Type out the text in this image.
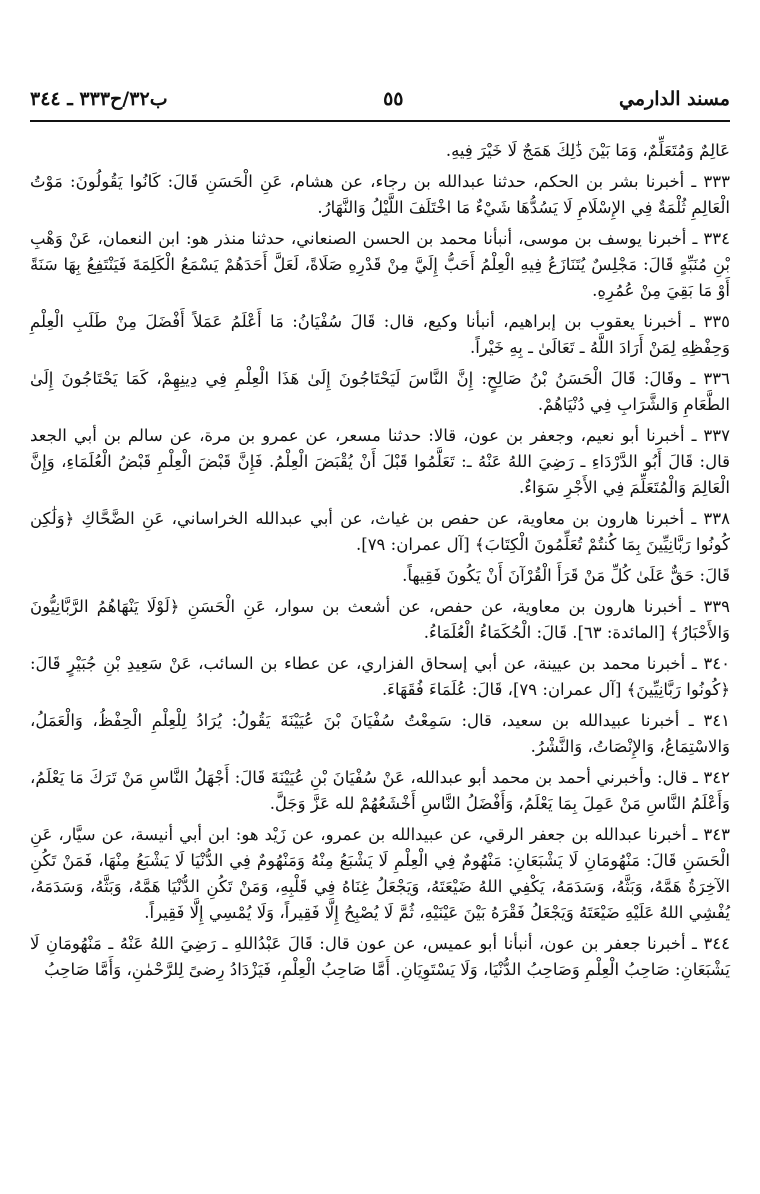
مسند الدارمي
٥٥
ب٣٢/ح٣٣٣ ـ ٣٤٤

عَالِمٌ وَمُتَعَلِّمٌ، وَمَا بَيْنَ ذَٰلِكَ هَمَجٌ لَا خَيْرَ فِيهِ.

٣٣٣ ـ أخبرنا بشر بن الحكم، حدثنا عبدالله بن رجاء، عن هشام، عَنِ الْحَسَنِ قَالَ: كَانُوا يَقُولُونَ: مَوْتُ الْعَالِمِ ثُلْمَةٌ فِي الإِسْلَامِ لَا يَسُدُّهَا شَيْءٌ مَا اخْتَلَفَ اللَّيْلُ وَالنَّهَارُ.

٣٣٤ ـ أخبرنا يوسف بن موسى، أنبأنا محمد بن الحسن الصنعاني، حدثنا منذر هو: ابن النعمان، عَنْ وَهْبِ بْنِ مُنَبِّهٍ قَالَ: مَجْلِسٌ يُتَنَازَعُ فِيهِ الْعِلْمُ أَحَبُّ إِلَيَّ مِنْ قَدْرِهِ صَلَاةً، لَعَلَّ أَحَدَهُمْ يَسْمَعُ الْكَلِمَةَ فَيَنْتَفِعُ بِهَا سَنَةً أَوْ مَا بَقِيَ مِنْ عُمُرِهِ.

٣٣٥ ـ أخبرنا يعقوب بن إبراهيم، أنبأنا وكيع، قال: قَالَ سُفْيَانُ: مَا أَعْلَمُ عَمَلاً أَفْضَلَ مِنْ طَلَبِ الْعِلْمِ وَحِفْظِهِ لِمَنْ أَرَادَ اللَّهُ ـ تَعَالَىٰ ـ بِهِ خَيْراً.

٣٣٦ ـ وقَالَ: قَالَ الْحَسَنُ بْنُ صَالِحٍ: إِنَّ النَّاسَ لَيَحْتَاجُونَ إِلَىٰ هَذَا الْعِلْمِ فِي دِينِهِمْ، كَمَا يَحْتَاجُونَ إِلَىٰ الطَّعَامِ وَالشَّرَابِ فِي دُنْيَاهُمْ.

٣٣٧ ـ أخبرنا أبو نعيم، وجعفر بن عون، قالا: حدثنا مسعر، عن عمرو بن مرة، عن سالم بن أبي الجعد قال: قَالَ أَبُو الدَّرْدَاءِ ـ رَضِيَ اللهُ عَنْهُ ـ: تَعَلَّمُوا قَبْلَ أَنْ يُقْبَضَ الْعِلْمُ. فَإِنَّ قَبْضَ الْعِلْمِ قَبْضُ الْعُلَمَاءِ، وَإِنَّ الْعَالِمَ وَالْمُتَعَلِّمَ فِي الأَجْرِ سَوَاءٌ.

٣٣٨ ـ أخبرنا هارون بن معاوية، عن حفص بن غياث، عن أبي عبدالله الخراساني، عَنِ الضَّحَّاكِ ﴿وَلَٰكِن كُونُوا رَبَّانِيِّينَ بِمَا كُنتُمْ تُعَلِّمُونَ الْكِتَابَ﴾ [آل عمران: ٧٩].

قَالَ: حَقٌّ عَلَىٰ كُلِّ مَنْ قَرَأَ الْقُرْآنَ أَنْ يَكُونَ فَقِيهاً.

٣٣٩ ـ أخبرنا هارون بن معاوية، عن حفص، عن أشعث بن سوار، عَنِ الْحَسَنِ ﴿لَوْلَا يَنْهَاهُمُ الرَّبَّانِيُّونَ وَالأَحْبَارُ﴾ [المائدة: ٦٣]. قَالَ: الْحُكَمَاءُ الْعُلَمَاءُ.

٣٤٠ ـ أخبرنا محمد بن عيينة، عن أبي إسحاق الفزاري، عن عطاء بن السائب، عَنْ سَعِيدِ بْنِ جُبَيْرٍ قَالَ: ﴿كُونُوا رَبَّانِيِّينَ﴾ [آل عمران: ٧٩]، قَالَ: عُلَمَاءَ فُقَهَاءَ.

٣٤١ ـ أخبرنا عبيدالله بن سعيد، قال: سَمِعْتُ سُفْيَانَ بْنَ عُيَيْنَةَ يَقُولُ: يُرَادُ لِلْعِلْمِ الْحِفْظُ، وَالْعَمَلُ، وَالاسْتِمَاعُ، وَالإِنْصَاتُ، وَالنَّشْرُ.

٣٤٢ ـ قال: وأخبرني أحمد بن محمد أبو عبدالله، عَنْ سُفْيَانَ بْنِ عُيَيْنَةَ قَالَ: أَجْهَلُ النَّاسِ مَنْ تَرَكَ مَا يَعْلَمُ، وَأَعْلَمُ النَّاسِ مَنْ عَمِلَ بِمَا يَعْلَمُ، وَأَفْضَلُ النَّاسِ أَخْشَعُهُمْ لله عَزَّ وَجَلَّ.

٣٤٣ ـ أخبرنا عبدالله بن جعفر الرقي، عن عبيدالله بن عمرو، عن زَيْد هو: ابن أبي أنيسة، عن سيَّار، عَنِ الْحَسَنِ قَالَ: مَنْهُومَانِ لَا يَشْبَعَانِ: مَنْهُومٌ فِي الْعِلْمِ لَا يَشْبَعُ مِنْهُ وَمَنْهُومٌ فِي الدُّنْيَا لَا يَشْبَعُ مِنْهَا، فَمَنْ تَكُنِ الآخِرَةُ هَمَّهُ، وَبَثَّهُ، وَسَدَمَهُ، يَكْفِي اللهُ ضَيْعَتَهُ، وَيَجْعَلُ غِنَاهُ فِي قَلْبِهِ، وَمَنْ تَكُنِ الدُّنْيَا هَمَّهُ، وَبَثَّهُ، وَسَدَمَهُ، يُفْشِي اللهُ عَلَيْهِ ضَيْعَتَهُ وَيَجْعَلُ فَقْرَهُ بَيْنَ عَيْنَيْهِ، ثُمَّ لَا يُصْبِحُ إِلَّا فَقِيراً، وَلَا يُمْسِي إِلَّا فَقِيراً.

٣٤٤ ـ أخبرنا جعفر بن عون، أنبأنا أبو عميس، عن عون قال: قَالَ عَبْدُاللهِ ـ رَضِيَ اللهُ عَنْهُ ـ مَنْهُومَانِ لَا يَشْبَعَانِ: صَاحِبُ الْعِلْمِ وَصَاحِبُ الدُّنْيَا، وَلَا يَسْتَوِيَانِ. أَمَّا صَاحِبُ الْعِلْمِ، فَيَزْدَادُ رِضىً لِلرَّحْمٰنِ، وَأَمَّا صَاحِبُ
